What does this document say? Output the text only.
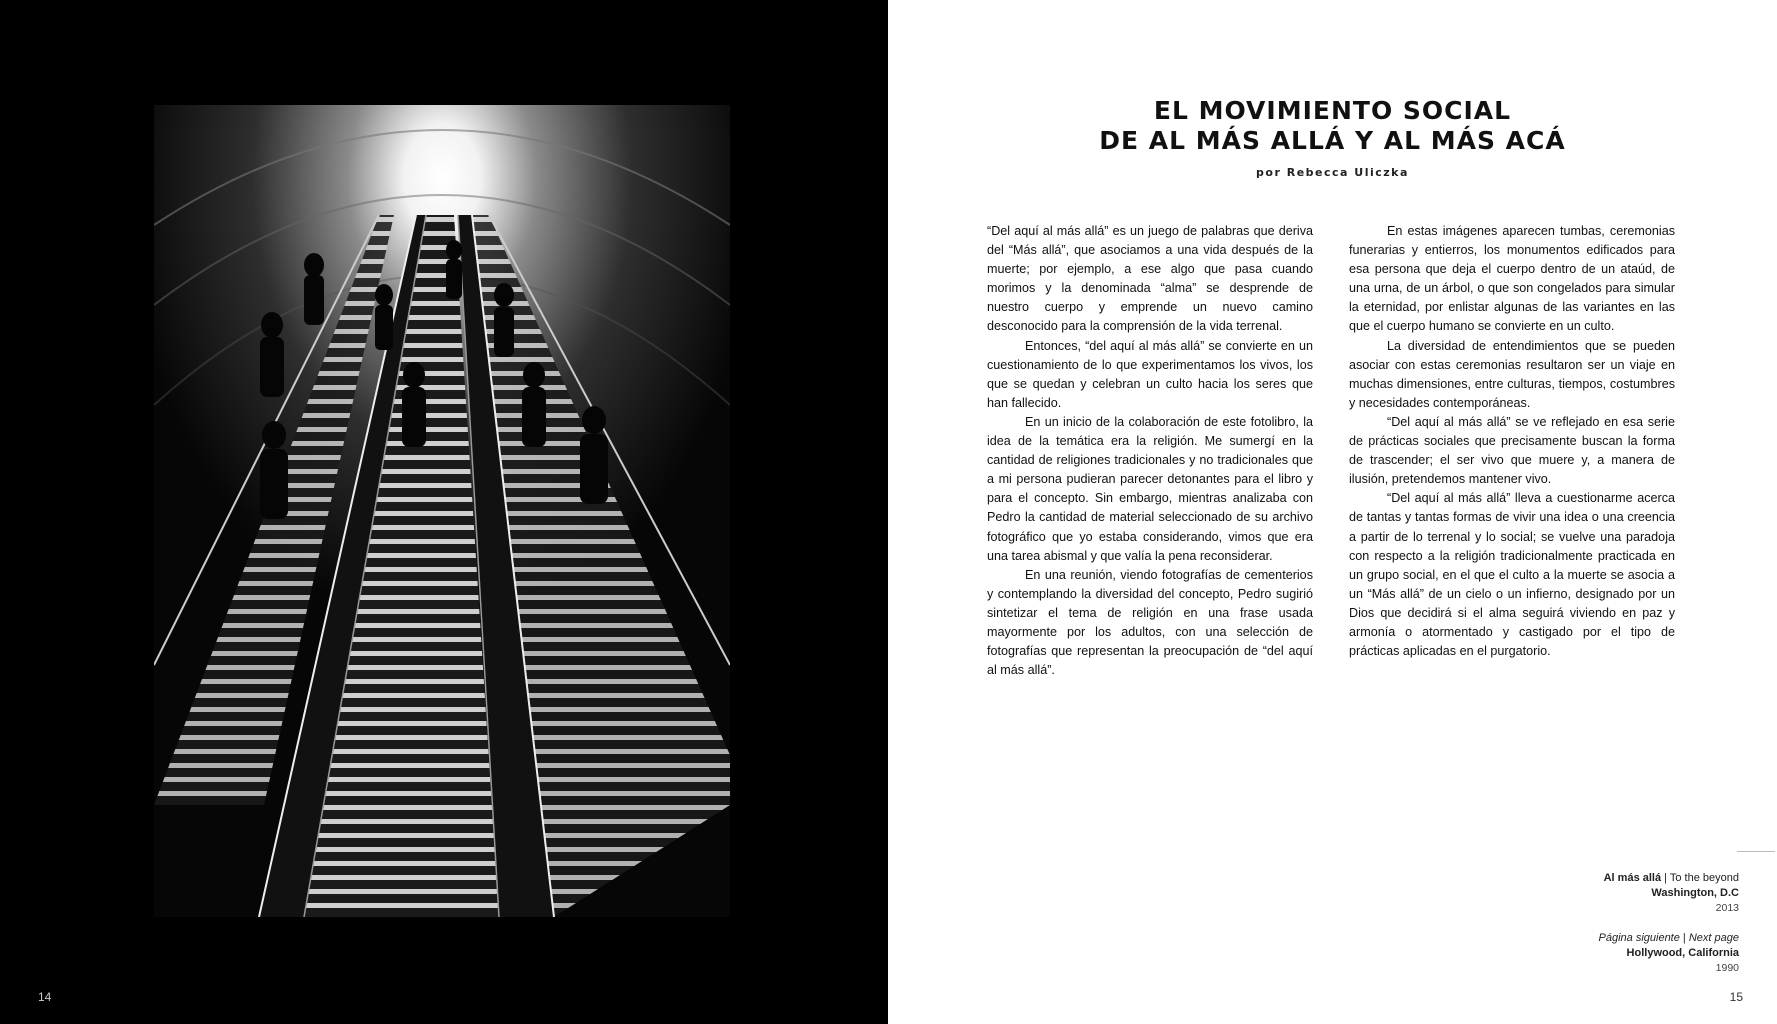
14
EL MOVIMIENTO SOCIAL
DE AL MÁS ALLÁ Y AL MÁS ACÁ
por Rebecca Uliczka

“Del aquí al más allá” es un juego de palabras que deriva del “Más allá”, que asociamos a una vida después de la muerte; por ejemplo, a ese algo que pasa cuando morimos y la denominada “alma” se desprende de nuestro cuerpo y emprende un nuevo camino desconocido para la comprensión de la vida terrenal.

Entonces, “del aquí al más allá” se convierte en un cuestionamiento de lo que experimentamos los vivos, los que se quedan y celebran un culto hacia los seres que han fallecido.

En un inicio de la colaboración de este fotolibro, la idea de la temática era la religión. Me sumergí en la cantidad de religiones tradicionales y no tradicionales que a mi persona pudieran parecer detonantes para el libro y para el concepto. Sin embargo, mientras analizaba con Pedro la cantidad de material seleccionado de su archivo fotográfico que yo estaba considerando, vimos que era una tarea abismal y que valía la pena reconsiderar.

En una reunión, viendo fotografías de cementerios y contemplando la diversidad del concepto, Pedro sugirió sintetizar el tema de religión en una frase usada mayormente por los adultos, con una selección de fotografías que representan la preocupación de “del aquí al más allá”.

En estas imágenes aparecen tumbas, ceremonias funerarias y entierros, los monumentos edificados para esa persona que deja el cuerpo dentro de un ataúd, de una urna, de un árbol, o que son congelados para simular la eternidad, por enlistar algunas de las variantes en las que el cuerpo humano se convierte en un culto.

La diversidad de entendimientos que se pueden asociar con estas ceremonias resultaron ser un viaje en muchas dimensiones, entre culturas, tiempos, costumbres y necesidades contemporáneas.

“Del aquí al más allá” se ve reflejado en esa serie de prácticas sociales que precisamente buscan la forma de trascender; el ser vivo que muere y, a manera de ilusión, pretendemos mantener vivo.

“Del aquí al más allá” lleva a cuestionarme acerca de tantas y tantas formas de vivir una idea o una creencia a partir de lo terrenal y lo social; se vuelve una paradoja con respecto a la religión tradicionalmente practicada en un grupo social, en el que el culto a la muerte se asocia a un “Más allá” de un cielo o un infierno, designado por un Dios que decidirá si el alma seguirá viviendo en paz y armonía o atormentado y castigado por el tipo de prácticas aplicadas en el purgatorio.

Al más allá | To the beyond
Washington, D.C
2013
Página siguiente | Next page
Hollywood, California
1990
15
